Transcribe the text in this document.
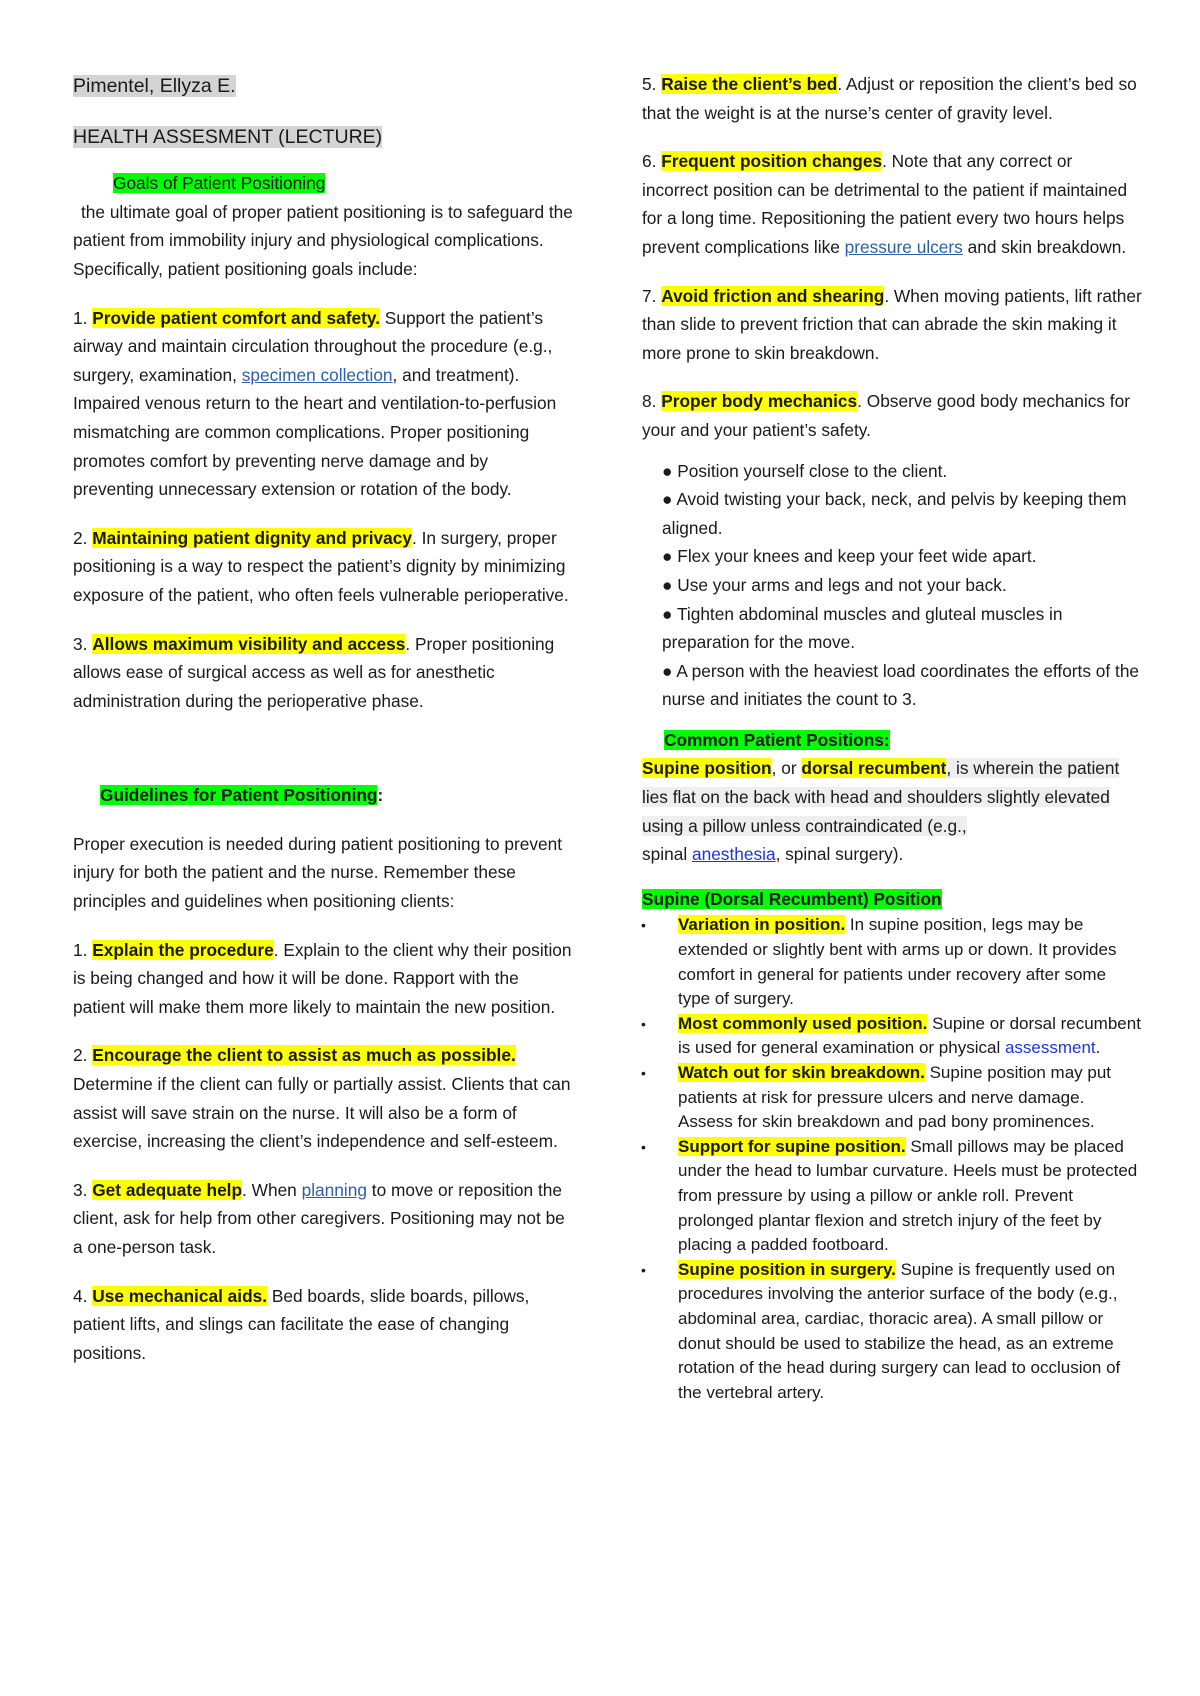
Pimentel, Ellyza E.

HEALTH ASSESMENT (LECTURE)

Goals of Patient Positioning

the ultimate goal of proper patient positioning is to safeguard the patient from immobility injury and physiological complications. Specifically, patient positioning goals include:

1. Provide patient comfort and safety. Support the patient’s airway and maintain circulation throughout the procedure (e.g., surgery, examination, specimen collection, and treatment). Impaired venous return to the heart and ventilation-to-perfusion mismatching are common complications. Proper positioning promotes comfort by preventing nerve damage and by preventing unnecessary extension or rotation of the body.

2. Maintaining patient dignity and privacy. In surgery, proper positioning is a way to respect the patient’s dignity by minimizing exposure of the patient, who often feels vulnerable perioperative.

3. Allows maximum visibility and access. Proper positioning allows ease of surgical access as well as for anesthetic administration during the perioperative phase.

Guidelines for Patient Positioning:

Proper execution is needed during patient positioning to prevent injury for both the patient and the nurse. Remember these principles and guidelines when positioning clients:

1. Explain the procedure. Explain to the client why their position is being changed and how it will be done. Rapport with the patient will make them more likely to maintain the new position.

2. Encourage the client to assist as much as possible. Determine if the client can fully or partially assist. Clients that can assist will save strain on the nurse. It will also be a form of exercise, increasing the client’s independence and self-esteem.

3. Get adequate help. When planning to move or reposition the client, ask for help from other caregivers. Positioning may not be a one-person task.

4. Use mechanical aids. Bed boards, slide boards, pillows, patient lifts, and slings can facilitate the ease of changing positions.

5. Raise the client’s bed. Adjust or reposition the client’s bed so that the weight is at the nurse’s center of gravity level.

6. Frequent position changes. Note that any correct or incorrect position can be detrimental to the patient if maintained for a long time. Repositioning the patient every two hours helps prevent complications like pressure ulcers and skin breakdown.

7. Avoid friction and shearing. When moving patients, lift rather than slide to prevent friction that can abrade the skin making it more prone to skin breakdown.

8. Proper body mechanics. Observe good body mechanics for your and your patient’s safety.

● Position yourself close to the client.

● Avoid twisting your back, neck, and pelvis by keeping them aligned.

● Flex your knees and keep your feet wide apart.

● Use your arms and legs and not your back.

● Tighten abdominal muscles and gluteal muscles in preparation for the move.

● A person with the heaviest load coordinates the efforts of the nurse and initiates the count to 3.

Common Patient Positions:

Supine position, or dorsal recumbent, is wherein the patient lies flat on the back with head and shoulders slightly elevated using a pillow unless contraindicated (e.g.,

spinal anesthesia, spinal surgery).

Supine (Dorsal Recumbent) Position

• Variation in position. In supine position, legs may be extended or slightly bent with arms up or down. It provides comfort in general for patients under recovery after some type of surgery.
• Most commonly used position. Supine or dorsal recumbent is used for general examination or physical assessment.
• Watch out for skin breakdown. Supine position may put patients at risk for pressure ulcers and nerve damage. Assess for skin breakdown and pad bony prominences.
• Support for supine position. Small pillows may be placed under the head to lumbar curvature. Heels must be protected from pressure by using a pillow or ankle roll. Prevent prolonged plantar flexion and stretch injury of the feet by placing a padded footboard.
• Supine position in surgery. Supine is frequently used on procedures involving the anterior surface of the body (e.g., abdominal area, cardiac, thoracic area). A small pillow or donut should be used to stabilize the head, as an extreme rotation of the head during surgery can lead to occlusion of the vertebral artery.
